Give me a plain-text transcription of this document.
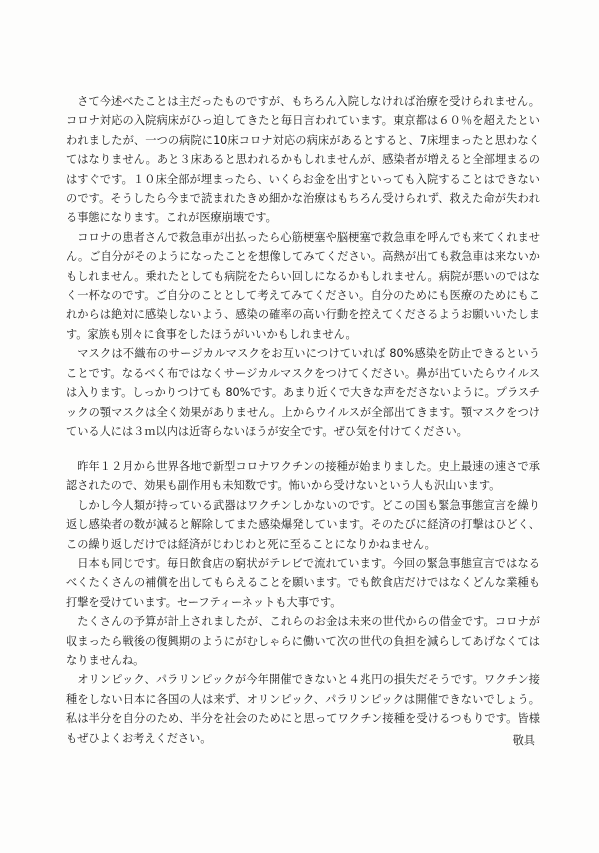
さて今述べたことは主だったものですが、もちろん入院しなければ治療を受けられません。コロナ対応の入院病床がひっ迫してきたと毎日言われています。東京都は６０％を超えたといわれましたが、一つの病院に10床コロナ対応の病床があるとすると、7床埋まったと思わなくてはなりません。あと３床あると思われるかもしれませんが、感染者が増えると全部埋まるのはすぐです。１０床全部が埋まったら、いくらお金を出すといっても入院することはできないのです。そうしたら今まで読まれたきめ細かな治療はもちろん受けられず、救えた命が失われる事態になります。これが医療崩壊です。

コロナの患者さんで救急車が出払ったら心筋梗塞や脳梗塞で救急車を呼んでも来てくれません。ご自分がそのようになったことを想像してみてください。高熱が出ても救急車は来ないかもしれません。乗れたとしても病院をたらい回しになるかもしれません。病院が悪いのではなく一杯なのです。ご自分のこととして考えてみてください。自分のためにも医療のためにもこれからは絶対に感染しないよう、感染の確率の高い行動を控えてくださるようお願いいたします。家族も別々に食事をしたほうがいいかもしれません。

マスクは不織布のサージカルマスクをお互いにつけていれば 80%感染を防止できるということです。なるべく布ではなくサージカルマスクをつけてください。鼻が出ていたらウイルスは入ります。しっかりつけても 80%です。あまり近くで大きな声をださないように。プラスチックの顎マスクは全く効果がありません。上からウイルスが全部出てきます。顎マスクをつけている人には３ｍ以内は近寄らないほうが安全です。ぜひ気を付けてください。

昨年１２月から世界各地で新型コロナワクチンの接種が始まりました。史上最速の速さで承認されたので、効果も副作用も未知数です。怖いから受けないという人も沢山います。

しかし今人類が持っている武器はワクチンしかないのです。どこの国も緊急事態宣言を繰り返し感染者の数が減ると解除してまた感染爆発しています。そのたびに経済の打撃はひどく、この繰り返しだけでは経済がじわじわと死に至ることになりかねません。

日本も同じです。毎日飲食店の窮状がテレビで流れています。今回の緊急事態宣言ではなるべくたくさんの補償を出してもらえることを願います。でも飲食店だけではなくどんな業種も打撃を受けています。セーフティーネットも大事です。

たくさんの予算が計上されましたが、これらのお金は未来の世代からの借金です。コロナが収まったら戦後の復興期のようにがむしゃらに働いて次の世代の負担を減らしてあげなくてはなりませんね。

オリンピック、パラリンピックが今年開催できないと４兆円の損失だそうです。ワクチン接種をしない日本に各国の人は来ず、オリンピック、パラリンピックは開催できないでしょう。私は半分を自分のため、半分を社会のためにと思ってワクチン接種を受けるつもりです。皆様もぜひよくお考えください。	敬具
